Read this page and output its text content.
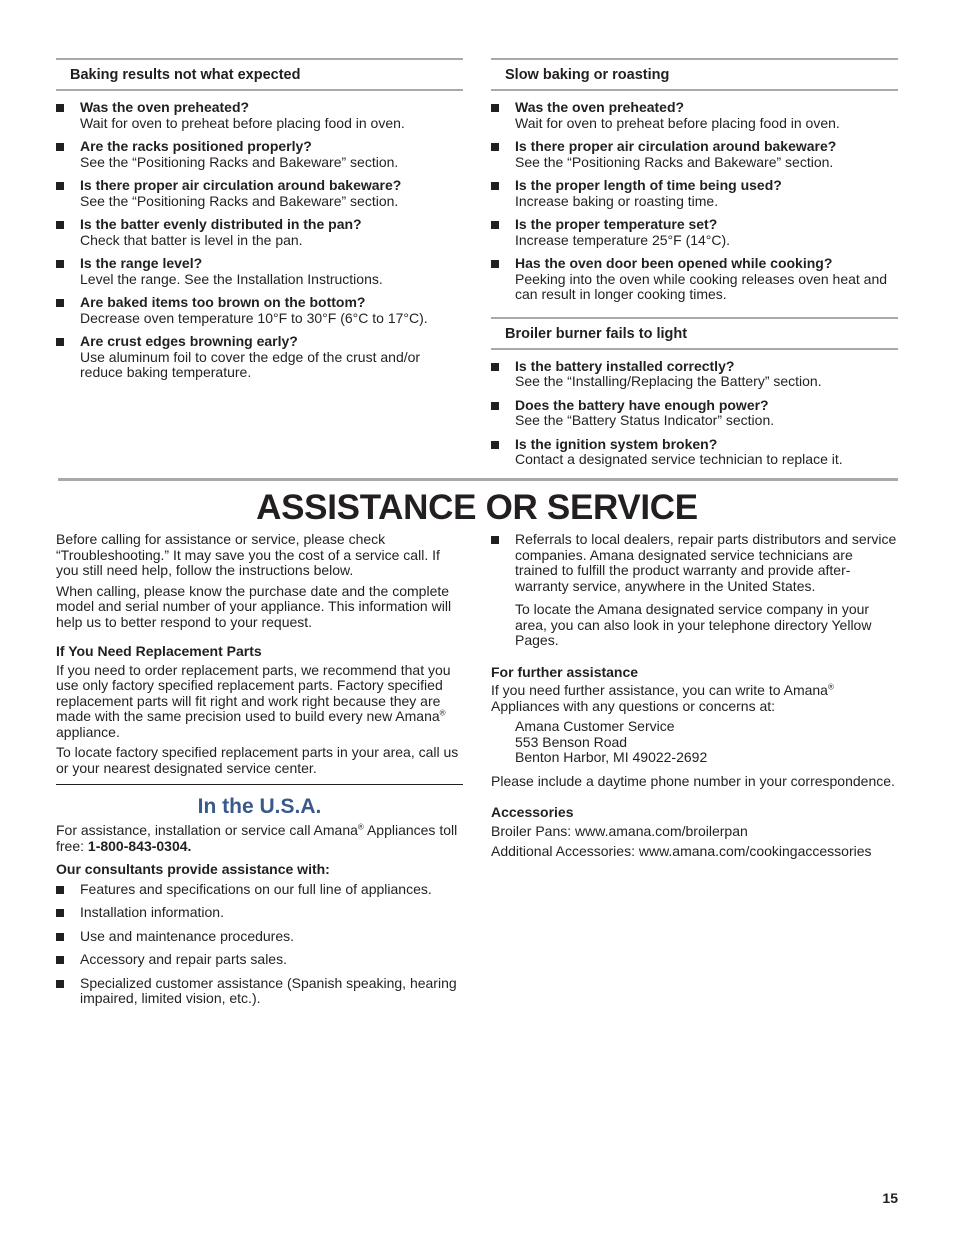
Baking results not what expected
Was the oven preheated?
Wait for oven to preheat before placing food in oven.
Are the racks positioned properly?
See the “Positioning Racks and Bakeware” section.
Is there proper air circulation around bakeware?
See the “Positioning Racks and Bakeware” section.
Is the batter evenly distributed in the pan?
Check that batter is level in the pan.
Is the range level?
Level the range. See the Installation Instructions.
Are baked items too brown on the bottom?
Decrease oven temperature 10°F to 30°F (6°C to 17°C).
Are crust edges browning early?
Use aluminum foil to cover the edge of the crust and/or reduce baking temperature.
Slow baking or roasting
Was the oven preheated?
Wait for oven to preheat before placing food in oven.
Is there proper air circulation around bakeware?
See the “Positioning Racks and Bakeware” section.
Is the proper length of time being used?
Increase baking or roasting time.
Is the proper temperature set?
Increase temperature 25°F (14°C).
Has the oven door been opened while cooking?
Peeking into the oven while cooking releases oven heat and can result in longer cooking times.
Broiler burner fails to light
Is the battery installed correctly?
See the “Installing/Replacing the Battery” section.
Does the battery have enough power?
See the “Battery Status Indicator” section.
Is the ignition system broken?
Contact a designated service technician to replace it.
ASSISTANCE OR SERVICE

Before calling for assistance or service, please check “Troubleshooting.” It may save you the cost of a service call. If you still need help, follow the instructions below.

When calling, please know the purchase date and the complete model and serial number of your appliance. This information will help us to better respond to your request.

If You Need Replacement Parts

If you need to order replacement parts, we recommend that you use only factory specified replacement parts. Factory specified replacement parts will fit right and work right because they are made with the same precision used to build every new Amana® appliance.

To locate factory specified replacement parts in your area, call us or your nearest designated service center.

In the U.S.A.

For assistance, installation or service call Amana® Appliances toll free: 1-800-843-0304.

Our consultants provide assistance with:
Features and specifications on our full line of appliances.
Installation information.
Use and maintenance procedures.
Accessory and repair parts sales.
Specialized customer assistance (Spanish speaking, hearing impaired, limited vision, etc.).
Referrals to local dealers, repair parts distributors and service companies. Amana designated service technicians are trained to fulfill the product warranty and provide after-warranty service, anywhere in the United States.

To locate the Amana designated service company in your area, you can also look in your telephone directory Yellow Pages.

For further assistance

If you need further assistance, you can write to Amana® Appliances with any questions or concerns at:

Amana Customer Service
553 Benson Road
Benton Harbor, MI 49022-2692

Please include a daytime phone number in your correspondence.

Accessories

Broiler Pans: www.amana.com/broilerpan

Additional Accessories: www.amana.com/cookingaccessories

15
